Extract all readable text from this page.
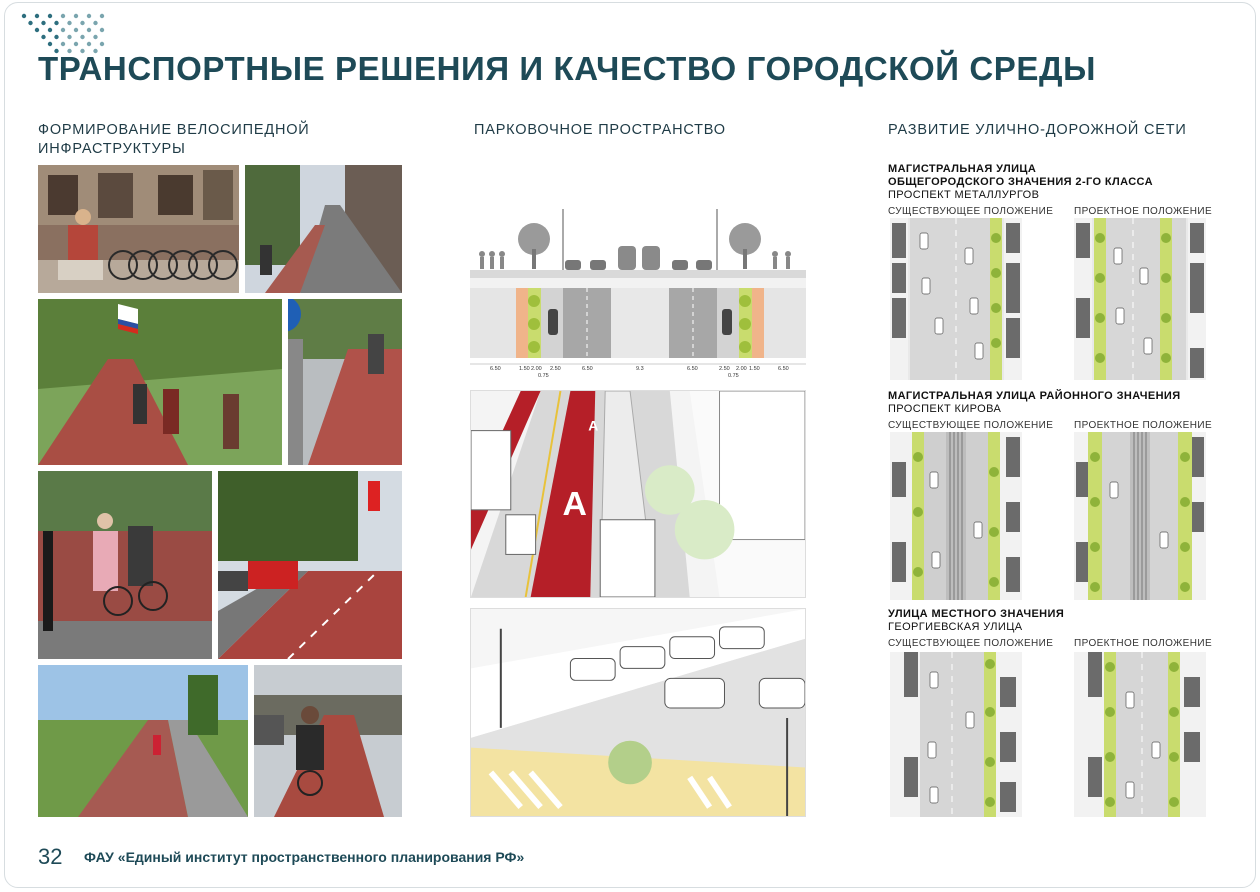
ТРАНСПОРТНЫЕ РЕШЕНИЯ И КАЧЕСТВО ГОРОДСКОЙ СРЕДЫ
ФОРМИРОВАНИЕ ВЕЛОСИПЕДНОЙ
ИНФРАСТРУКТУРЫ
ПАРКОВОЧНОЕ ПРОСТРАНСТВО	РАЗВИТИЕ УЛИЧНО-ДОРОЖНОЙ СЕТИ
6.50	1.50 2.00 2.50	6.50	9.3	6.50	2.50 2.00 1.50	6.50
0.75	0.75
A
A
МАГИСТРАЛЬНАЯ УЛИЦА
ОБЩЕГОРОДСКОГО ЗНАЧЕНИЯ 2-ГО КЛАССА
ПРОСПЕКТ МЕТАЛЛУРГОВ
СУЩЕСТВУЮЩЕЕ ПОЛОЖЕНИЕ ПРОЕКТНОЕ ПОЛОЖЕНИЕ
МАГИСТРАЛЬНАЯ УЛИЦА РАЙОННОГО ЗНАЧЕНИЯ
ПРОСПЕКТ КИРОВА
СУЩЕСТВУЮЩЕЕ ПОЛОЖЕНИЕ ПРОЕКТНОЕ ПОЛОЖЕНИЕ
УЛИЦА МЕСТНОГО ЗНАЧЕНИЯ
ГЕОРГИЕВСКАЯ УЛИЦА
СУЩЕСТВУЮЩЕЕ ПОЛОЖЕНИЕ ПРОЕКТНОЕ ПОЛОЖЕНИЕ
32 ФАУ «Единый институт пространственного планирования РФ»
